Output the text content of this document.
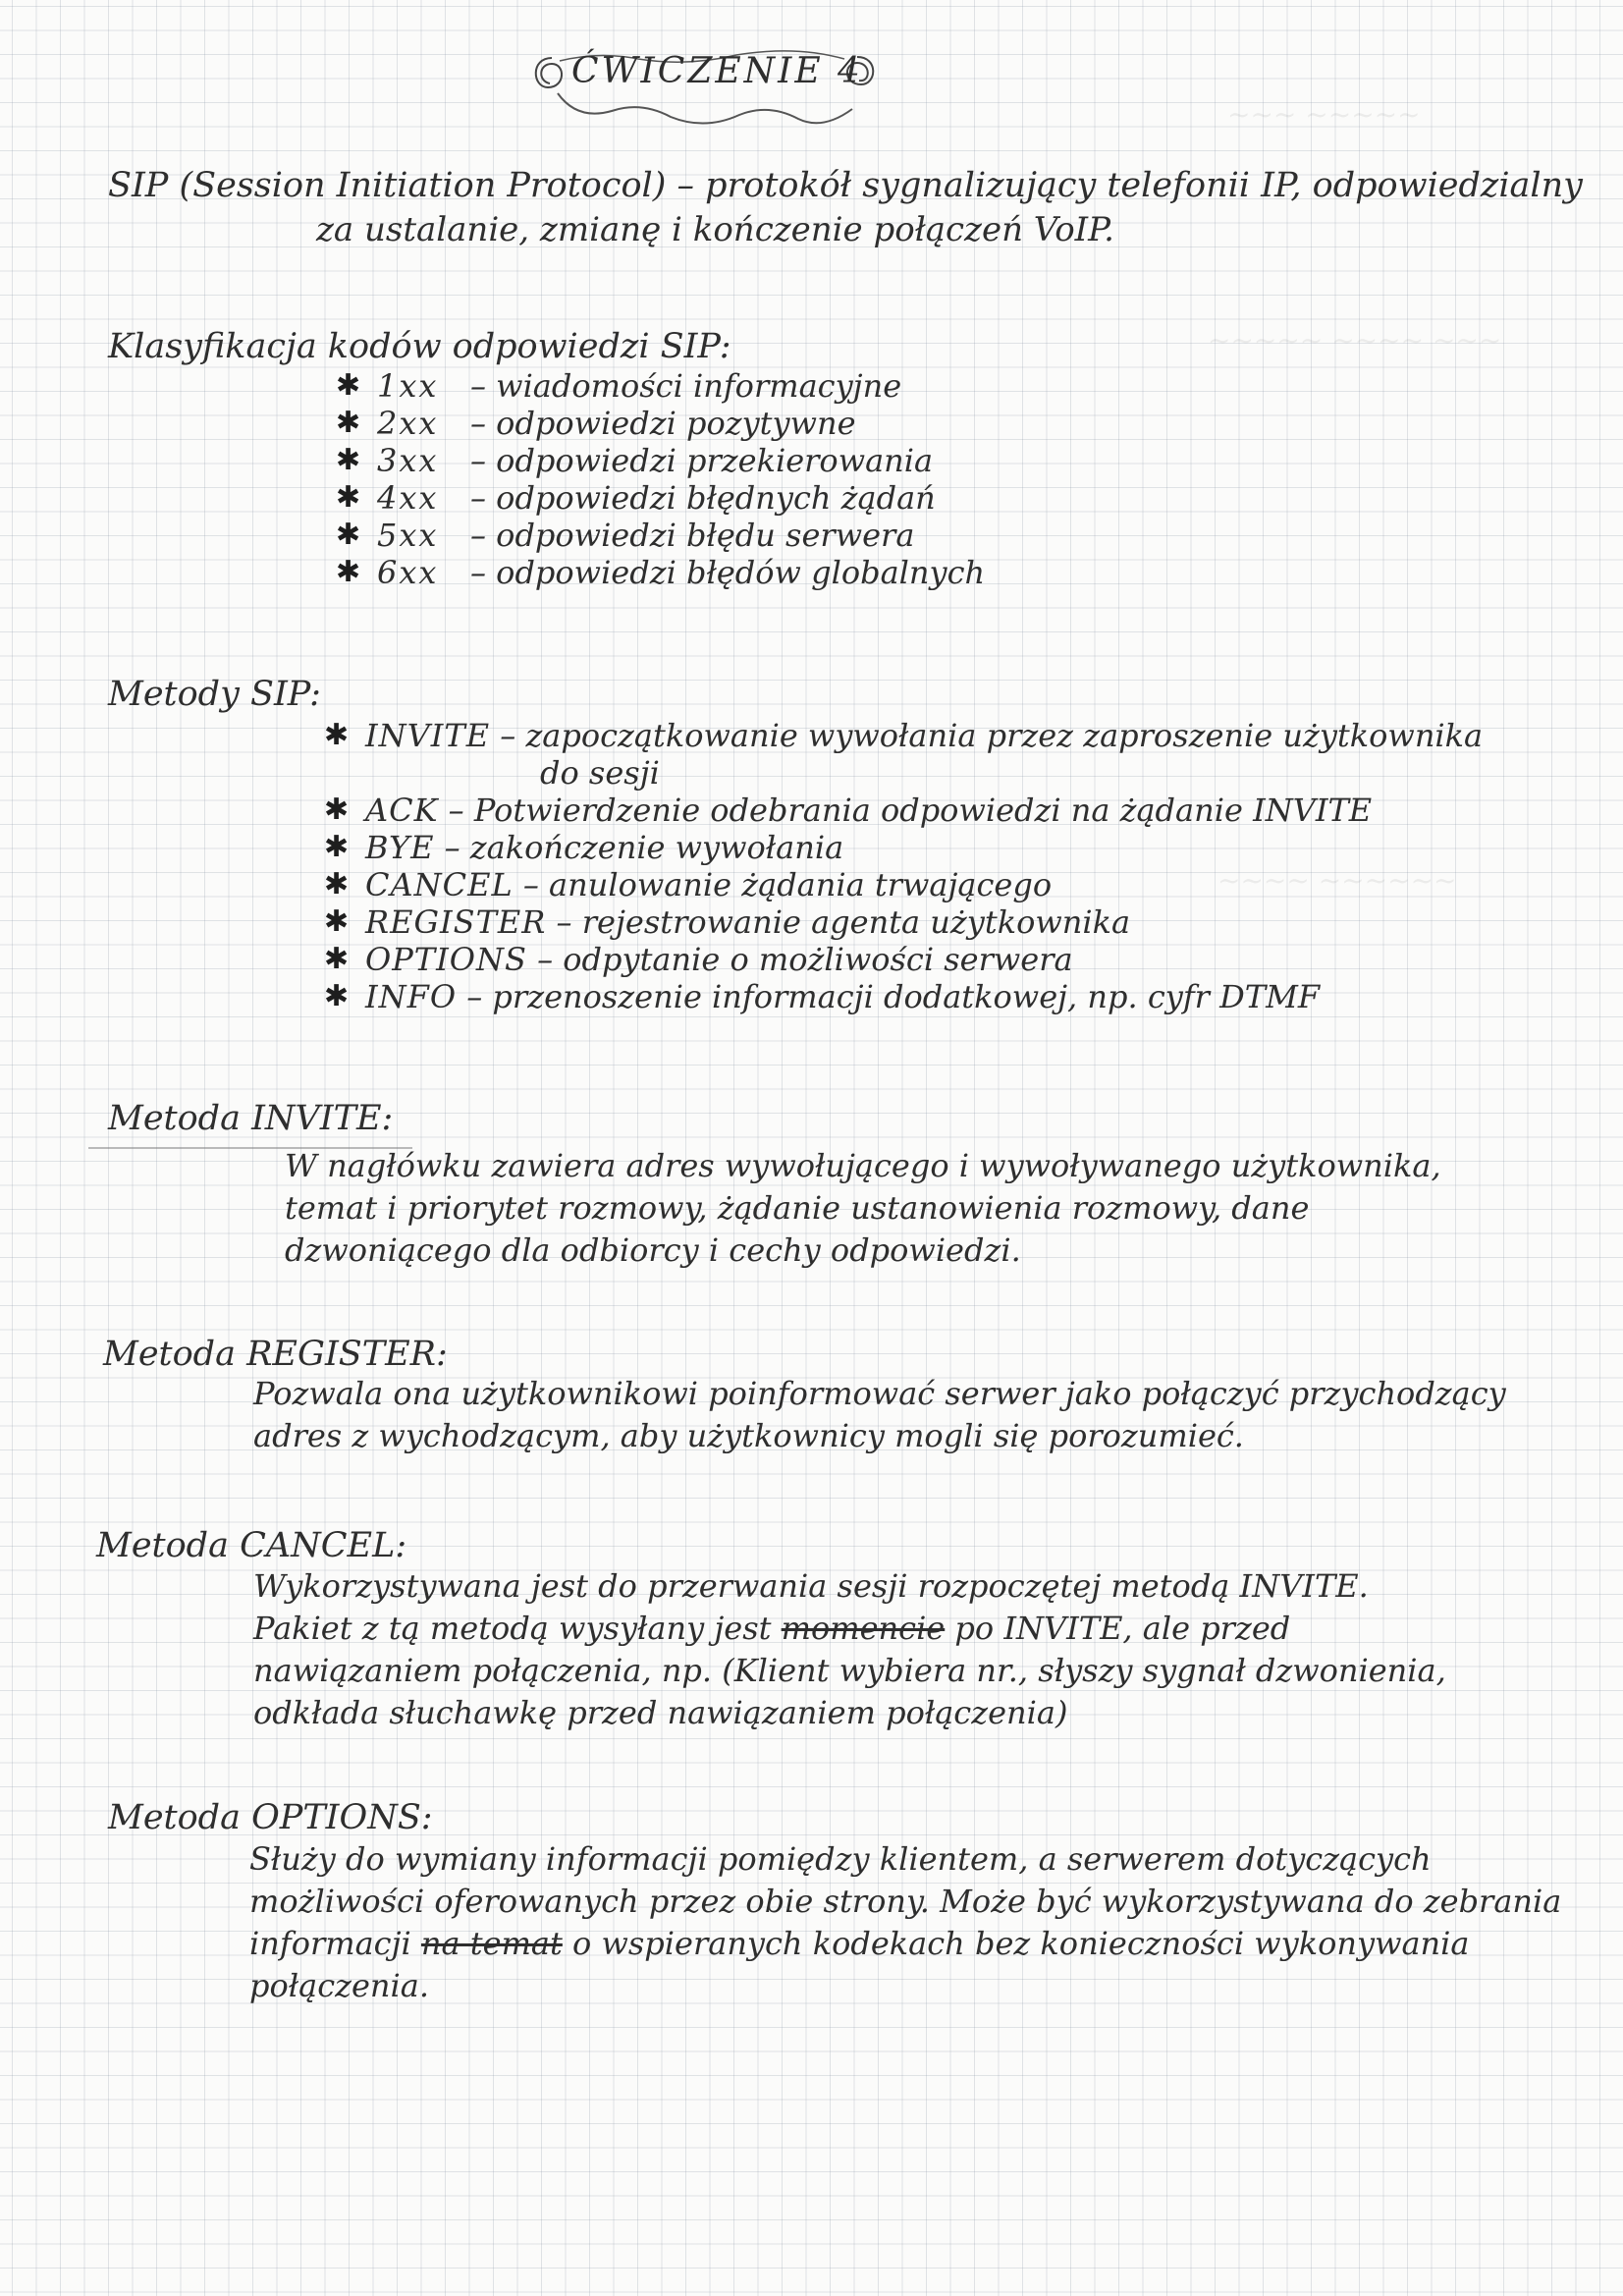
~~~ ~~~~~
~~~~~ ~~~~ ~~~
~~~~ ~~~~~~
ĆWICZENIE 4
SIP (Session Initiation Protocol) – protokół sygnalizujący telefonii IP, odpowiedzialny
za ustalanie, zmianę i kończenie połączeń VoIP.
Klasyfikacja kodów odpowiedzi SIP:
✱ 1xx – wiadomości informacyjne
✱ 2xx – odpowiedzi pozytywne
✱ 3xx – odpowiedzi przekierowania
✱ 4xx – odpowiedzi błędnych żądań
✱ 5xx – odpowiedzi błędu serwera
✱ 6xx – odpowiedzi błędów globalnych
Metody SIP:
✱ INVITE – zapoczątkowanie wywołania przez zaproszenie użytkownika
do sesji
✱ ACK – Potwierdzenie odebrania odpowiedzi na żądanie INVITE
✱ BYE – zakończenie wywołania
✱ CANCEL – anulowanie żądania trwającego
✱ REGISTER – rejestrowanie agenta użytkownika
✱ OPTIONS – odpytanie o możliwości serwera
✱ INFO – przenoszenie informacji dodatkowej, np. cyfr DTMF
Metoda INVITE:
W nagłówku zawiera adres wywołującego i wywoływanego użytkownika,
temat i priorytet rozmowy, żądanie ustanowienia rozmowy, dane
dzwoniącego dla odbiorcy i cechy odpowiedzi.
Metoda REGISTER:
Pozwala ona użytkownikowi poinformować serwer jako połączyć przychodzący
adres z wychodzącym, aby użytkownicy mogli się porozumieć.
Metoda CANCEL:
Wykorzystywana jest do przerwania sesji rozpoczętej metodą INVITE.
Pakiet z tą metodą wysyłany jest momencie po INVITE, ale przed
nawiązaniem połączenia, np. (Klient wybiera nr., słyszy sygnał dzwonienia,
odkłada słuchawkę przed nawiązaniem połączenia)
Metoda OPTIONS:
Służy do wymiany informacji pomiędzy klientem, a serwerem dotyczących
możliwości oferowanych przez obie strony. Może być wykorzystywana do zebrania
informacji na temat o wspieranych kodekach bez konieczności wykonywania
połączenia.
